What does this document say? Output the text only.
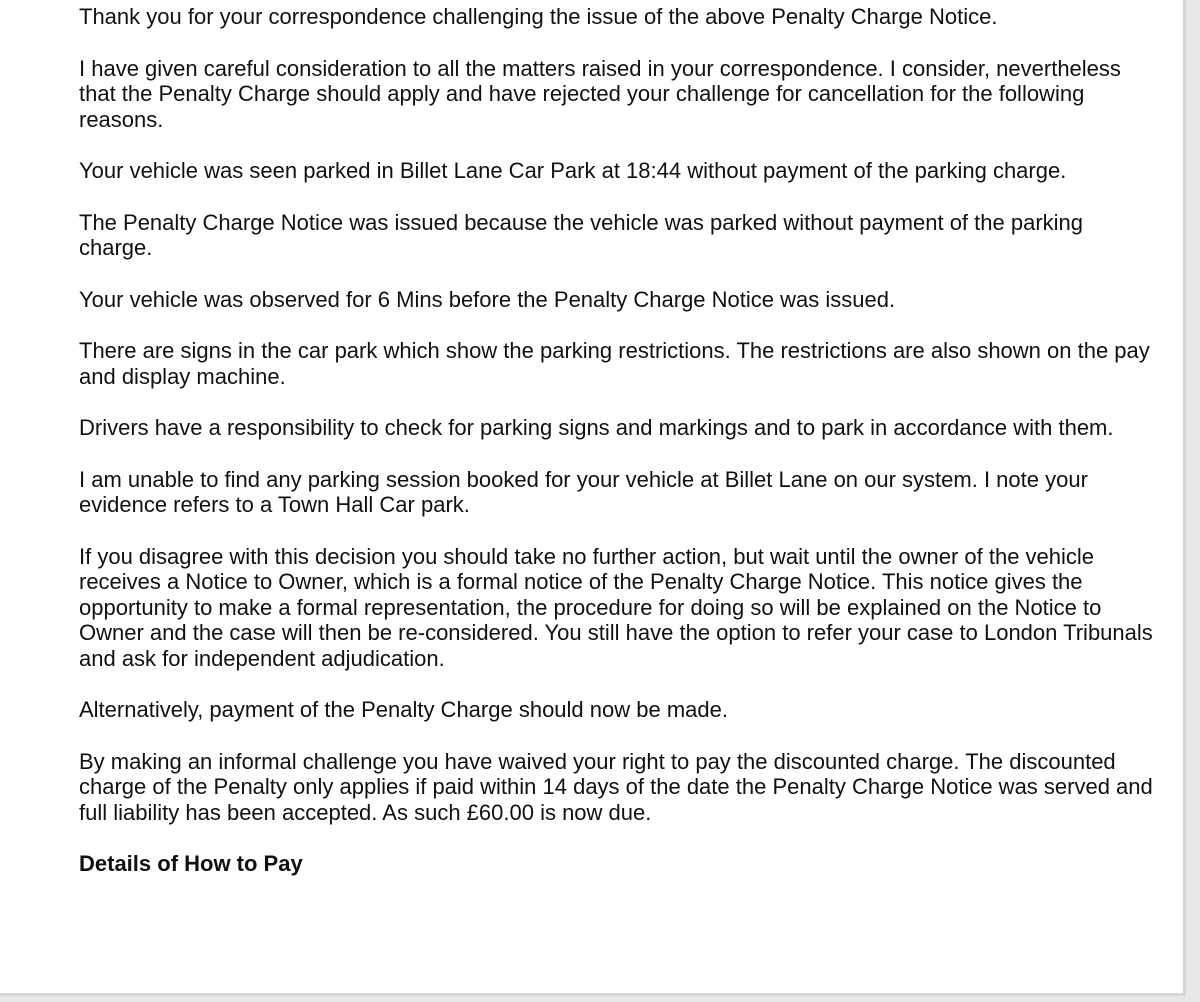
Thank you for your correspondence challenging the issue of the above Penalty Charge Notice.

I have given careful consideration to all the matters raised in your correspondence. I consider, nevertheless that the Penalty Charge should apply and have rejected your challenge for cancellation for the following reasons.

Your vehicle was seen parked in Billet Lane Car Park at 18:44 without payment of the parking charge.

The Penalty Charge Notice was issued because the vehicle was parked without payment of the parking charge.

Your vehicle was observed for 6 Mins before the Penalty Charge Notice was issued.

There are signs in the car park which show the parking restrictions. The restrictions are also shown on the pay and display machine.

Drivers have a responsibility to check for parking signs and markings and to park in accordance with them.

I am unable to find any parking session booked for your vehicle at Billet Lane on our system. I note your evidence refers to a Town Hall Car park.

If you disagree with this decision you should take no further action, but wait until the owner of the vehicle receives a Notice to Owner, which is a formal notice of the Penalty Charge Notice. This notice gives the opportunity to make a formal representation, the procedure for doing so will be explained on the Notice to Owner and the case will then be re-considered. You still have the option to refer your case to London Tribunals and ask for independent adjudication.

Alternatively, payment of the Penalty Charge should now be made.

By making an informal challenge you have waived your right to pay the discounted charge. The discounted charge of the Penalty only applies if paid within 14 days of the date the Penalty Charge Notice was served and full liability has been accepted. As such £60.00 is now due.

Details of How to Pay
